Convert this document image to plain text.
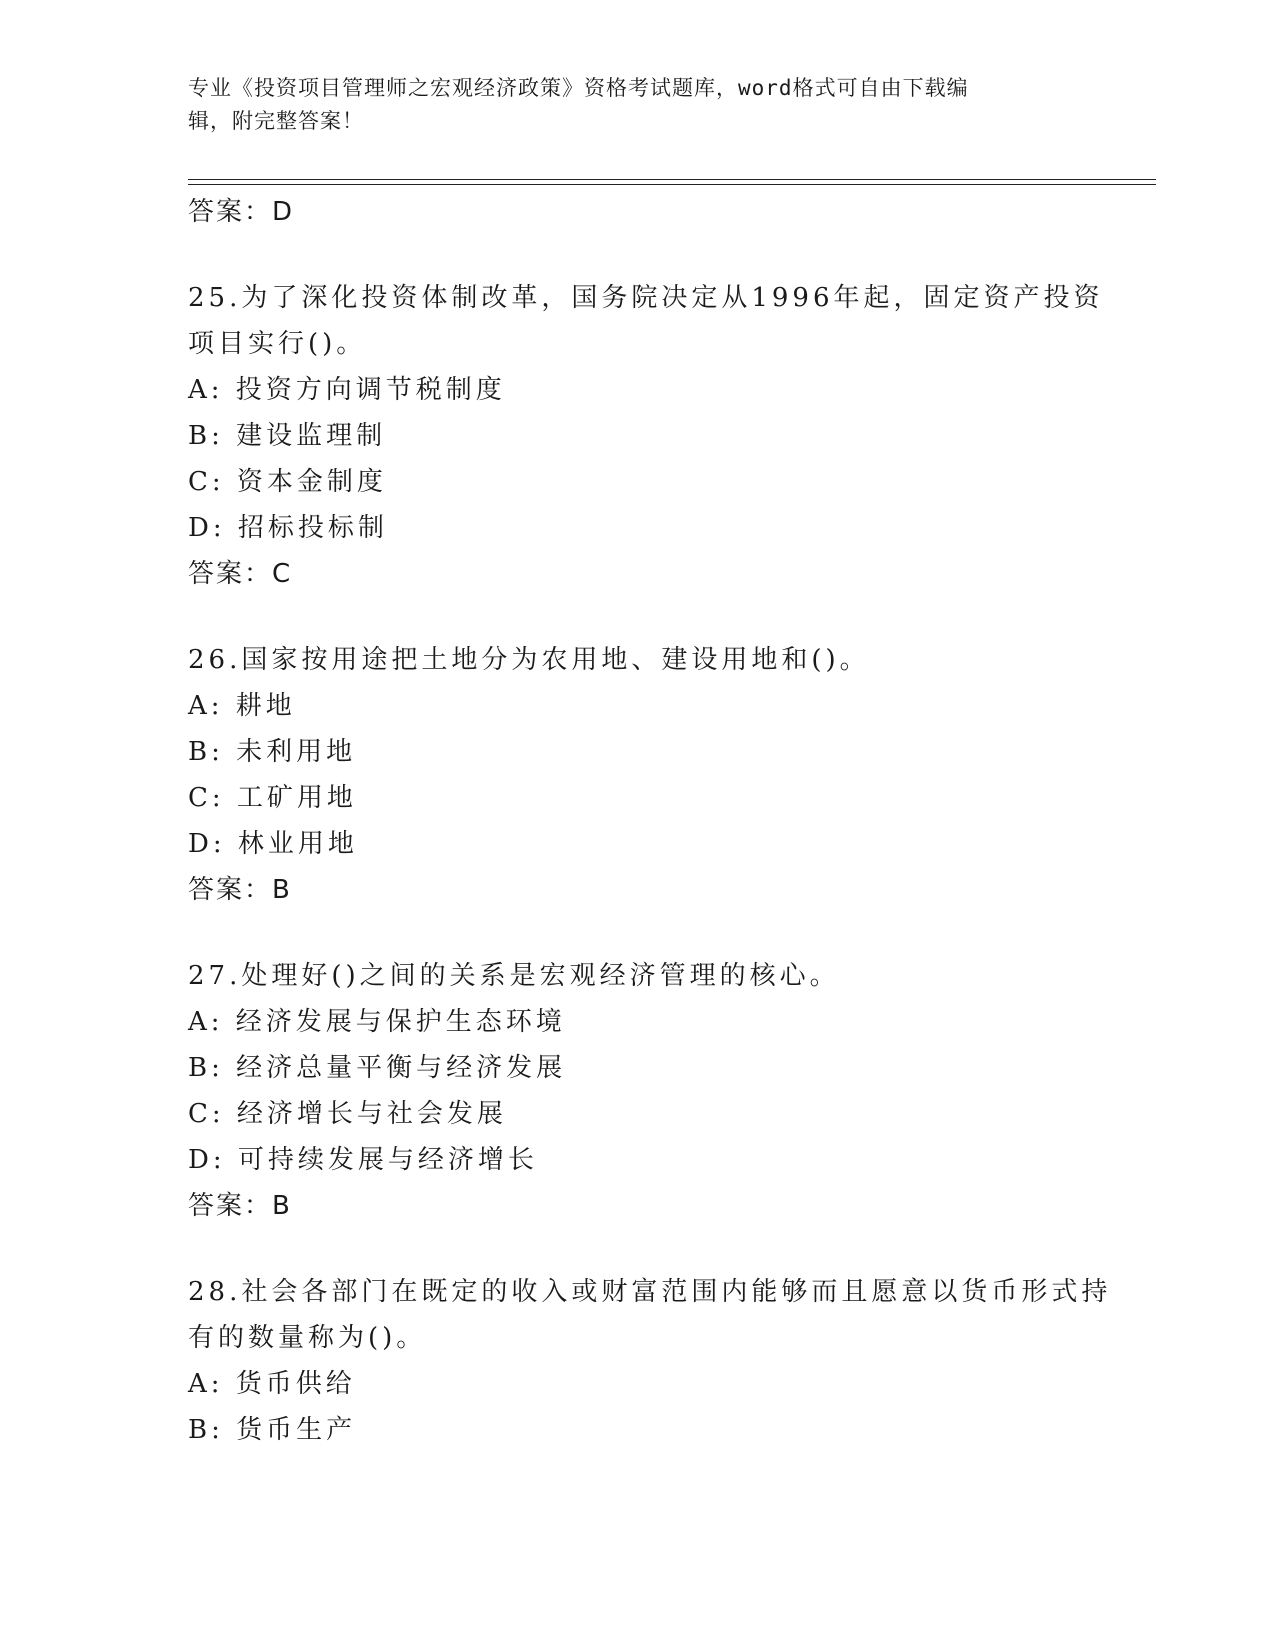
专业《投资项目管理师之宏观经济政策》资格考试题库，word格式可自由下载编
辑，附完整答案！
答案：D
25.为了深化投资体制改革，国务院决定从1996年起，固定资产投资
项目实行()。
A: 投资方向调节税制度
B: 建设监理制
C: 资本金制度
D: 招标投标制
答案：C
26.国家按用途把土地分为农用地、建设用地和()。
A: 耕地
B: 未利用地
C: 工矿用地
D: 林业用地
答案：B
27.处理好()之间的关系是宏观经济管理的核心。
A: 经济发展与保护生态环境
B: 经济总量平衡与经济发展
C: 经济增长与社会发展
D: 可持续发展与经济增长
答案：B
28.社会各部门在既定的收入或财富范围内能够而且愿意以货币形式持
有的数量称为()。
A: 货币供给
B: 货币生产
